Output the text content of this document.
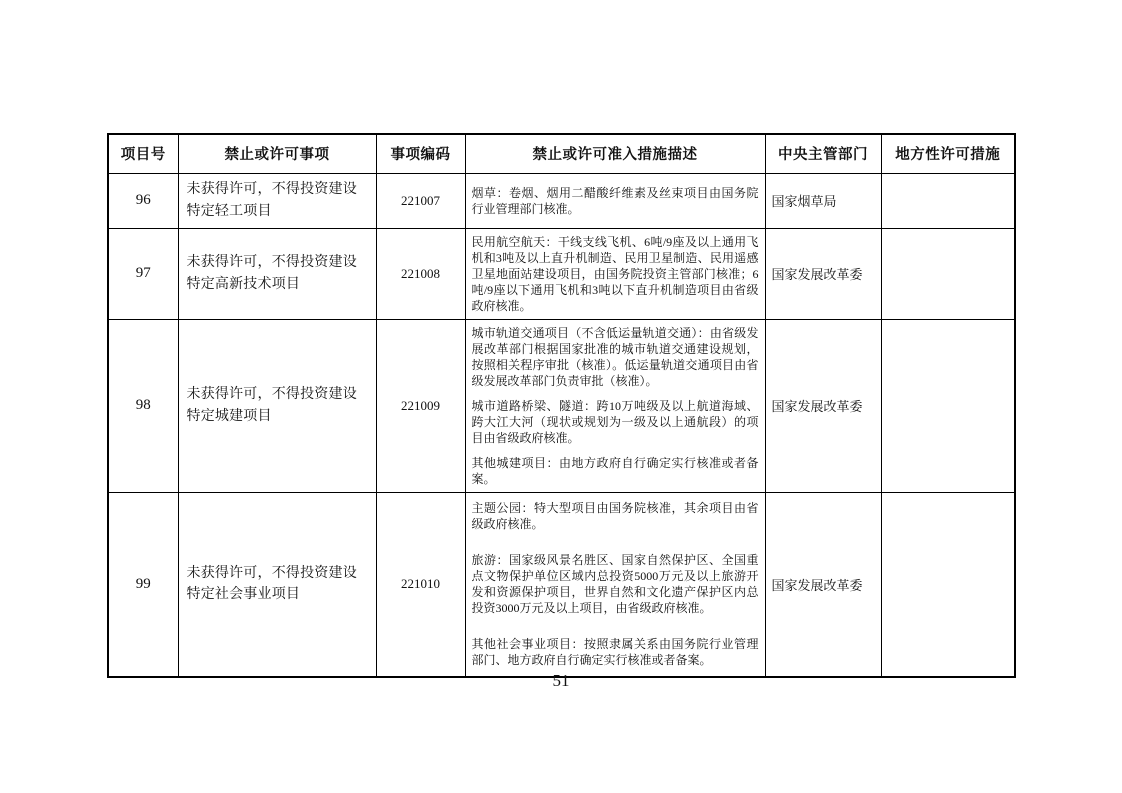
项目号	禁止或许可事项	事项编码	禁止或许可准入措施描述	中央主管部门	地方性许可措施
96	未获得许可，不得投资建设特定轻工项目	221007	烟草：卷烟、烟用二醋酸纤维素及丝束项目由国务院行业管理部门核准。	国家烟草局	
97	未获得许可，不得投资建设特定高新技术项目	221008	民用航空航天：干线支线飞机、6吨/9座及以上通用飞机和3吨及以上直升机制造、民用卫星制造、民用遥感卫星地面站建设项目，由国务院投资主管部门核准；6吨/9座以下通用飞机和3吨以下直升机制造项目由省级政府核准。	国家发展改革委	
98	未获得许可，不得投资建设特定城建项目	221009	城市轨道交通项目（不含低运量轨道交通）：由省级发展改革部门根据国家批准的城市轨道交通建设规划，按照相关程序审批（核准）。低运量轨道交通项目由省级发展改革部门负责审批（核准）。

城市道路桥梁、隧道：跨10万吨级及以上航道海域、跨大江大河（现状或规划为一级及以上通航段）的项目由省级政府核准。

其他城建项目：由地方政府自行确定实行核准或者备案。	国家发展改革委	
99	未获得许可，不得投资建设特定社会事业项目	221010	主题公园：特大型项目由国务院核准，其余项目由省级政府核准。

旅游：国家级风景名胜区、国家自然保护区、全国重点文物保护单位区域内总投资5000万元及以上旅游开发和资源保护项目，世界自然和文化遗产保护区内总投资3000万元及以上项目，由省级政府核准。

其他社会事业项目：按照隶属关系由国务院行业管理部门、地方政府自行确定实行核准或者备案。	国家发展改革委	
51
